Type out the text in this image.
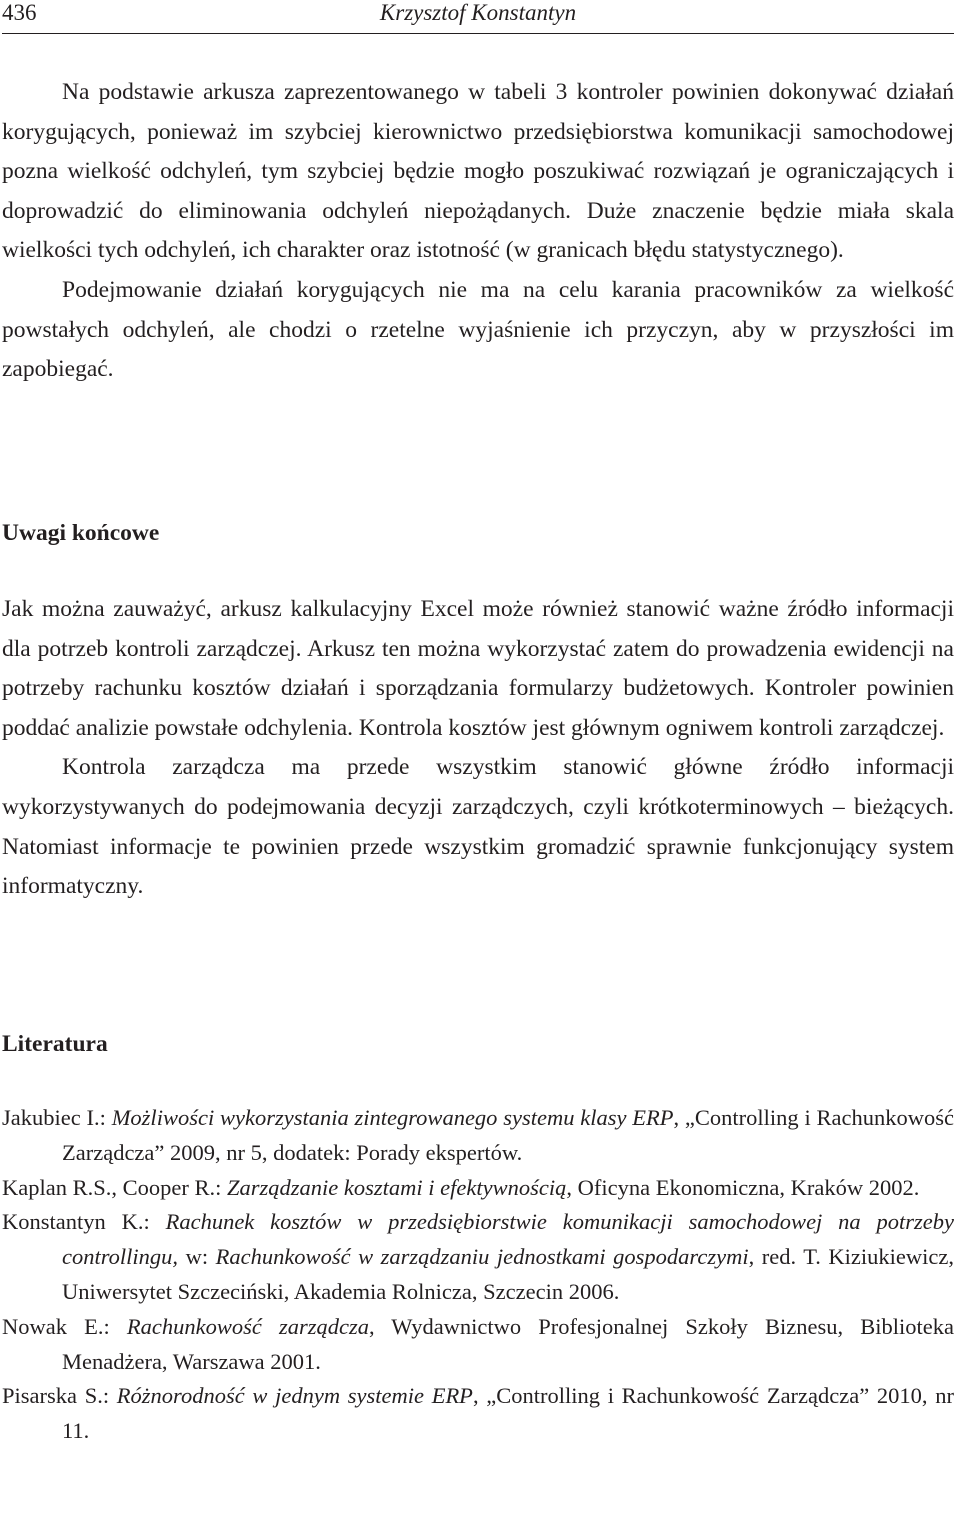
436	Krzysztof Konstantyn

Na podstawie arkusza zaprezentowanego w tabeli 3 kontroler powinien dokonywać działań korygujących, ponieważ im szybciej kierownictwo przedsiębiorstwa komunikacji samochodowej pozna wielkość odchyleń, tym szybciej będzie mogło poszukiwać rozwiązań je ograniczających i doprowadzić do eliminowania odchyleń niepożądanych. Duże znaczenie będzie miała skala wielkości tych odchyleń, ich charakter oraz istotność (w granicach błędu statystycznego).

Podejmowanie działań korygujących nie ma na celu karania pracowników za wielkość powstałych odchyleń, ale chodzi o rzetelne wyjaśnienie ich przyczyn, aby w przyszłości im zapobiegać.

Uwagi końcowe

Jak można zauważyć, arkusz kalkulacyjny Excel może również stanowić ważne źródło informacji dla potrzeb kontroli zarządczej. Arkusz ten można wykorzystać zatem do prowadzenia ewidencji na potrzeby rachunku kosztów działań i sporządzania formularzy budżetowych. Kontroler powinien poddać analizie powstałe odchylenia. Kontrola kosztów jest głównym ogniwem kontroli zarządczej.

Kontrola zarządcza ma przede wszystkim stanowić główne źródło informacji wykorzystywanych do podejmowania decyzji zarządczych, czyli krótkoterminowych – bieżących. Natomiast informacje te powinien przede wszystkim gromadzić sprawnie funkcjonujący system informatyczny.

Literatura

Jakubiec I.: Możliwości wykorzystania zintegrowanego systemu klasy ERP, „Controlling i Rachunkowość Zarządcza” 2009, nr 5, dodatek: Porady ekspertów.

Kaplan R.S., Cooper R.: Zarządzanie kosztami i efektywnością, Oficyna Ekonomiczna, Kraków 2002.

Konstantyn K.: Rachunek kosztów w przedsiębiorstwie komunikacji samochodowej na potrzeby controllingu, w: Rachunkowość w zarządzaniu jednostkami gospodarczymi, red. T. Kiziukiewicz, Uniwersytet Szczeciński, Akademia Rolnicza, Szczecin 2006.

Nowak E.: Rachunkowość zarządcza, Wydawnictwo Profesjonalnej Szkoły Biznesu, Biblioteka Menadżera, Warszawa 2001.

Pisarska S.: Różnorodność w jednym systemie ERP, „Controlling i Rachunkowość Zarządcza” 2010, nr 11.
